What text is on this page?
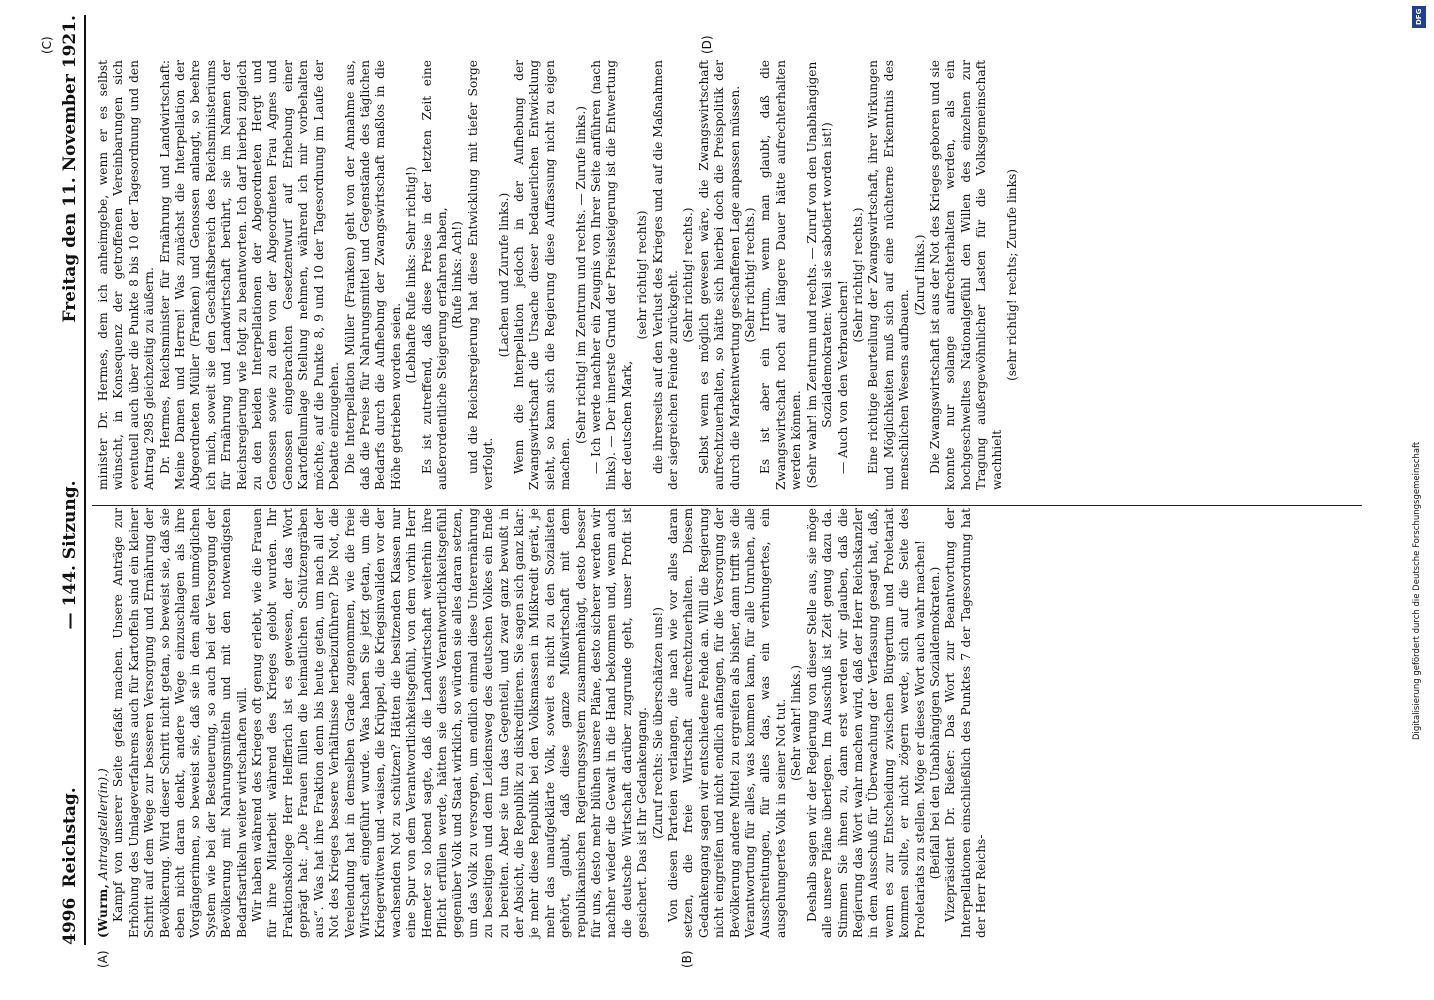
4996
Reichstag.
— 144. Sitzung.
Freitag den 11. November 1921.
(A)	(B)
(C)	(D)

(Wurm, Antragsteller(in).) Kampf von unserer Seite gefaßt machen. Unsere Anträge zur Erhöhung des Umlageverfahrens auch für Kartoffeln sind ein kleiner Schritt auf dem Wege zur besseren Versorgung und Ernährung der Bevölkerung. Wird dieser Schritt nicht getan, so beweist sie, daß sie eben nicht daran denkt, andere Wege einzuschlagen als ihre Vorgängerinnen, so beweist sie, daß sie in dem alten unmöglichen System wie bei der Besteuerung, so auch bei der Versorgung der Bevölkerung mit Nahrungsmitteln und mit den notwendigsten Bedarfsartikeln weiter wirtschaften will. Wir haben während des Krieges oft genug erlebt, wie die Frauen für ihre Mitarbeit während des Krieges gelobt wurden. Ihr Fraktionskollege Herr Helfferich ist es gewesen, der das Wort geprägt hat: „Die Frauen füllen die heimatlichen Schützengräben aus“. Was hat ihre Fraktion denn bis heute getan, um nach all der Not des Krieges bessere Verhältnisse herbeizuführen? Die Not, die Verelendung hat in demselben Grade zugenommen, wie die freie Wirtschaft eingeführt wurde. Was haben Sie jetzt getan, um die Kriegerwitwen und -waisen, die Krüppel, die Kriegsinvaliden vor der wachsenden Not zu schützen? Hätten die besitzenden Klassen nur eine Spur von dem Verantwortlichkeitsgefühl, von dem vorhin Herr Hemeter so lobend sagte, daß die Landwirtschaft weiterhin ihre Pflicht erfüllen werde, hätten sie dieses Verantwortlichkeitsgefühl gegenüber Volk und Staat wirklich, so würden sie alles daran setzen, um das Volk zu versorgen, um endlich einmal diese Unterernährung zu beseitigen und dem Leidensweg des deutschen Volkes ein Ende zu bereiten. Aber sie tun das Gegenteil, und zwar ganz bewußt in der Absicht, die Republik zu diskreditieren. Sie sagen sich ganz klar: je mehr diese Republik bei den Volksmassen in Mißkredit gerät, je mehr das unaufgeklärte Volk, soweit es nicht zu den Sozialisten gehört, glaubt, daß diese ganze Mißwirtschaft mit dem republikanischen Regierungssystem zusammenhängt, desto besser für uns, desto mehr blühen unsere Pläne, desto sicherer werden wir nachher wieder die Gewalt in die Hand bekommen und, wenn auch die deutsche Wirtschaft darüber zugrunde geht, unser Profit ist gesichert. Das ist Ihr Gedankengang. (Zuruf rechts: Sie überschätzen uns!) Von diesen Parteien verlangen, die nach wie vor alles daran setzen, die freie Wirtschaft aufrechtzuerhalten. Diesem Gedankengang sagen wir entschiedene Fehde an. Will die Regierung nicht eingreifen und nicht endlich anfangen, für die Versorgung der Bevölkerung andere Mittel zu ergreifen als bisher, dann trifft sie die Verantwortung für alles, was kommen kann, für alle Unruhen, alle Ausschreitungen, für alles das, was ein verhungertes, ein ausgehungertes Volk in seiner Not tut. (Sehr wahr! links.) Deshalb sagen wir der Regierung von dieser Stelle aus, sie möge alle unsere Pläne überlegen. Im Ausschuß ist Zeit genug dazu da. Stimmen Sie ihnen zu, dann erst werden wir glauben, daß die Regierung das Wort wahr machen wird, daß der Herr Reichskanzler in dem Ausschuß für Überwachung der Verfassung gesagt hat, daß, wenn es zur Entscheidung zwischen Bürgertum und Proletariat kommen sollte, er nicht zögern werde, sich auf die Seite des Proletariats zu stellen. Möge er dieses Wort auch wahr machen! (Beifall bei den Unabhängigen Sozialdemokraten.) Vizepräsident Dr. Rießer: Das Wort zur Beantwortung der Interpellationen einschließlich des Punktes 7 der Tagesordnung hat der Herr Reichs-

minister Dr. Hermes, dem ich anheimgebe, wenn er es selbst wünscht, in Konsequenz der getroffenen Vereinbarungen sich eventuell auch über die Punkte 8 bis 10 der Tagesordnung und den Antrag 2985 gleichzeitig zu äußern. Dr. Hermes, Reichsminister für Ernährung und Landwirtschaft: Meine Damen und Herren! Was zunächst die Interpellation der Abgeordneten Müller (Franken) und Genossen anlangt, so beehre ich mich, soweit sie den Geschäftsbereich des Reichsministeriums für Ernährung und Landwirtschaft berührt, sie im Namen der Reichsregierung wie folgt zu beantworten. Ich darf hierbei zugleich zu den beiden Interpellationen der Abgeordneten Hergt und Genossen sowie zu dem von der Abgeordneten Frau Agnes und Genossen eingebrachten Gesetzentwurf auf Erhebung einer Kartoffelumlage Stellung nehmen, während ich mir vorbehalten möchte, auf die Punkte 8, 9 und 10 der Tagesordnung im Laufe der Debatte einzugehen. Die Interpellation Müller (Franken) geht von der Annahme aus, daß die Preise für Nahrungsmittel und Gegenstände des täglichen Bedarfs durch die Aufhebung der Zwangswirtschaft maßlos in die Höhe getrieben worden seien.

(Lebhafte Rufe links: Sehr richtig!) Es ist zutreffend, daß diese Preise in der letzten Zeit eine außerordentliche Steigerung erfahren haben, (Rufe links: Ach!) und die Reichsregierung hat diese Entwicklung mit tiefer Sorge verfolgt.

(Lachen und Zurufe links.) Wenn die Interpellation jedoch in der Aufhebung der Zwangswirtschaft die Ursache dieser bedauerlichen Entwicklung sieht, so kann sich die Regierung diese Auffassung nicht zu eigen machen.

(Sehr richtig! im Zentrum und rechts. — Zurufe links.) — Ich werde nachher ein Zeugnis von Ihrer Seite anführen (nach links). — Der innerste Grund der Preissteigerung ist die Entwertung der deutschen Mark,

(sehr richtig! rechts) die ihrerseits auf den Verlust des Krieges und auf die Maßnahmen der siegreichen Feinde zurückgeht. (Sehr richtig! rechts.) Selbst wenn es möglich gewesen wäre, die Zwangswirtschaft aufrechtzuerhalten, so hätte sich hierbei doch die Preispolitik der durch die Markentwertung geschaffenen Lage anpassen müssen. (Sehr richtig! rechts.) Es ist aber ein Irrtum, wenn man glaubt, daß die Zwangswirtschaft noch auf längere Dauer hätte aufrechterhalten werden können. (Sehr wahr! im Zentrum und rechts. — Zuruf von den Unabhängigen Sozialdemokraten: Weil sie sabotiert worden ist!) — Auch von den Verbrauchern!

(Sehr richtig! rechts.) Eine richtige Beurteilung der Zwangswirtschaft, ihrer Wirkungen und Möglichkeiten muß sich auf eine nüchterne Erkenntnis des menschlichen Wesens aufbauen.

(Zuruf links.) Die Zwangswirtschaft ist aus der Not des Krieges geboren und sie konnte nur solange aufrechterhalten werden, als ein hochgeschwelltes Nationalgefühl den Willen des einzelnen zur Tragung außergewöhnlicher Lasten für die Volksgemeinschaft wachhielt

(sehr richtig! rechts; Zurufe links)

DFG
Digitalisierung gefördert durch die Deutsche Forschungsgemeinschaft
